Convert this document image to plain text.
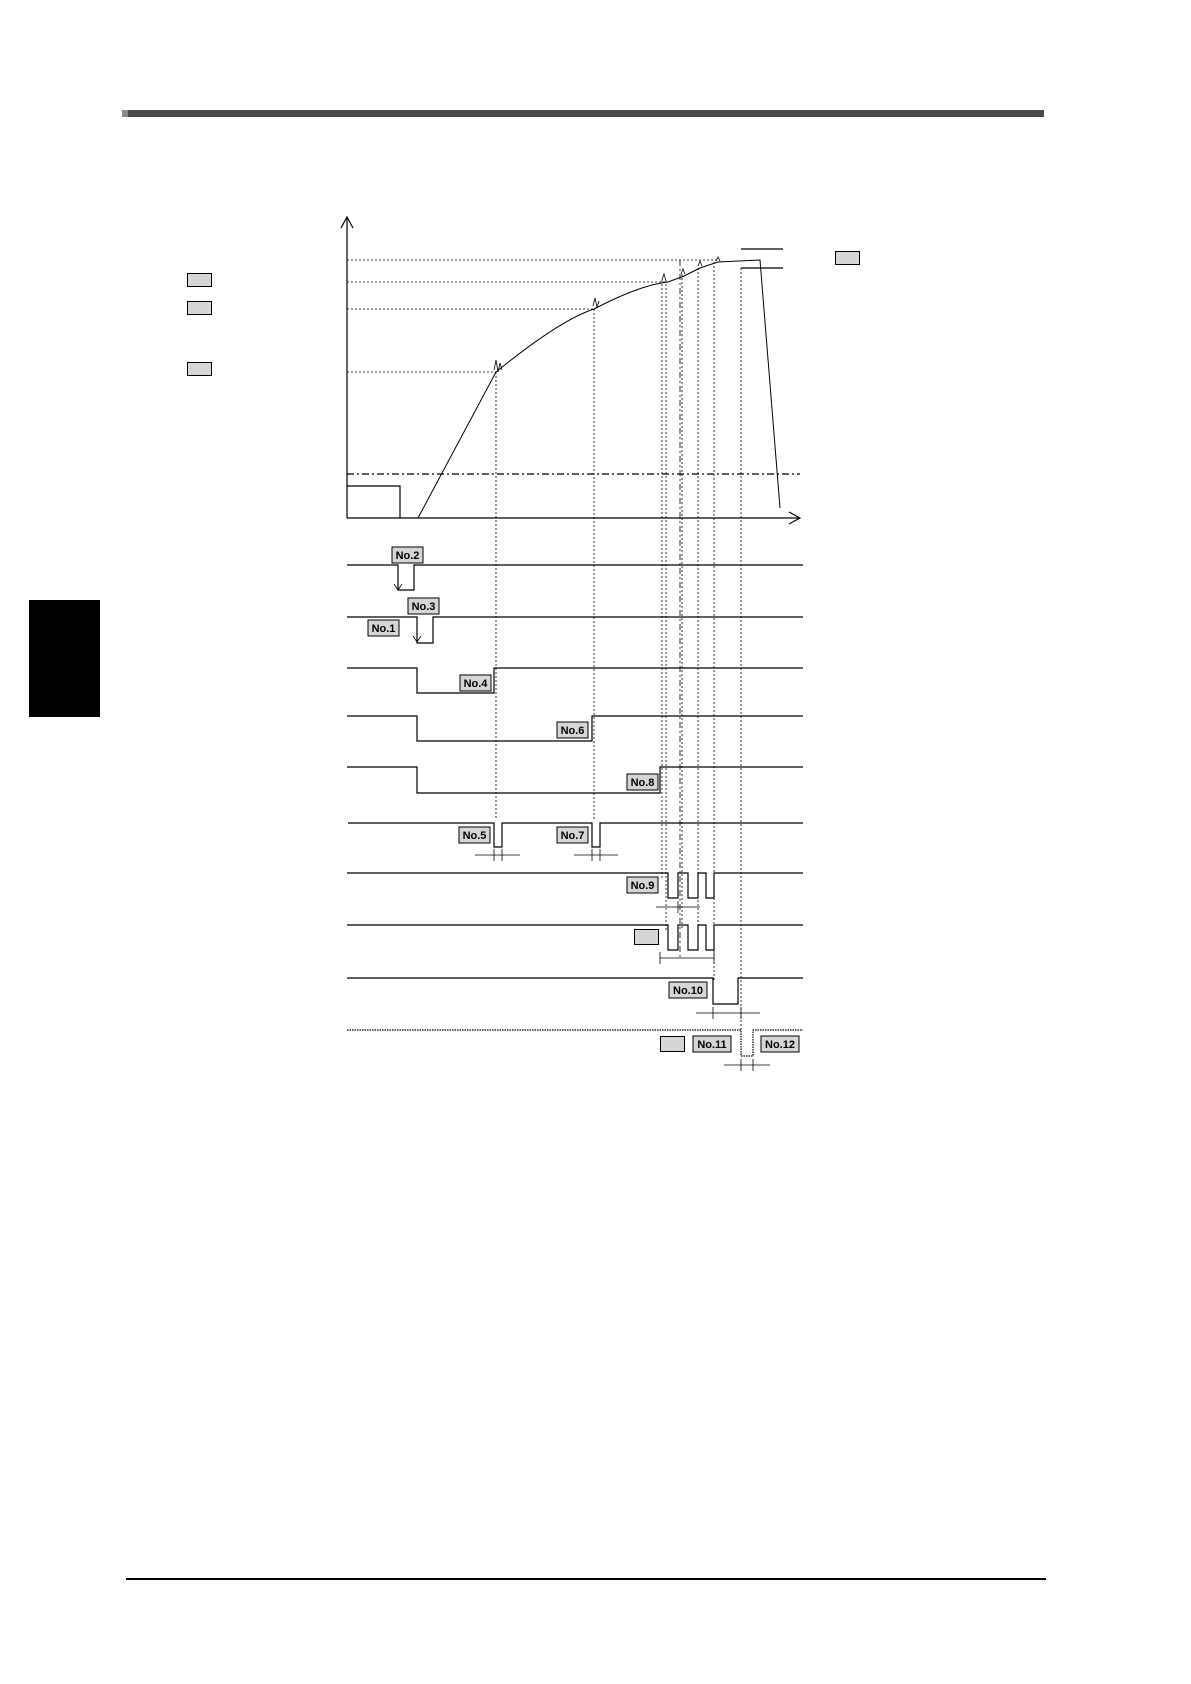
No.1
No.2
No.3
No.4
No.5
No.6
No.7
No.8
No.9
No.10
No.11	No.12
